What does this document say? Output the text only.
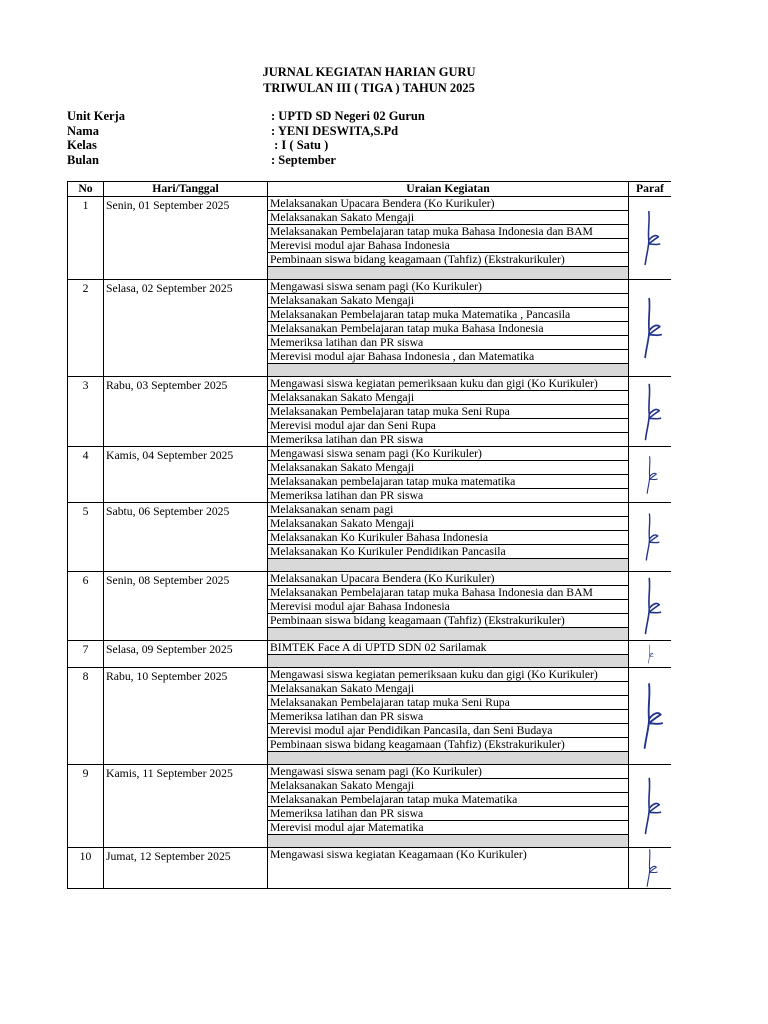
JURNAL KEGIATAN HARIAN GURU
TRIWULAN III ( TIGA ) TAHUN 2025
Unit Kerja	: UPTD SD Negeri 02 Gurun
Nama	: YENI DESWITA,S.Pd
Kelas	: I ( Satu )
Bulan	: September
No	Hari/Tanggal	Uraian Kegiatan	Paraf
1	Senin, 01 September 2025	Melaksanakan Upacara Bendera (Ko Kurikuler)	

		Melaksanakan Sakato Mengaji	
		Melaksanakan Pembelajaran tatap muka Bahasa Indonesia dan BAM	
		Merevisi modul ajar Bahasa Indonesia	
		Pembinaan siswa bidang keagamaan (Tahfiz) (Ekstrakurikuler)	

2	Selasa, 02 September 2025	Mengawasi siswa senam pagi (Ko Kurikuler)	

		Melaksanakan Sakato Mengaji	
		Melaksanakan Pembelajaran tatap muka Matematika , Pancasila	
		Melaksanakan Pembelajaran tatap muka Bahasa Indonesia	
		Memeriksa latihan dan PR siswa	
		Merevisi modul ajar Bahasa Indonesia , dan Matematika	

3	Rabu, 03 September 2025	Mengawasi siswa kegiatan pemeriksaan kuku dan gigi (Ko Kurikuler)	

		Melaksanakan Sakato Mengaji	
		Melaksanakan Pembelajaran tatap muka Seni Rupa	
		Merevisi modul ajar dan Seni Rupa	
		Memeriksa latihan dan PR siswa	
4	Kamis, 04 September 2025	Mengawasi siswa senam pagi (Ko Kurikuler)	

		Melaksanakan Sakato Mengaji	
		Melaksanakan pembelajaran tatap muka matematika	
		Memeriksa latihan dan PR siswa	
5	Sabtu, 06 September 2025	Melaksanakan senam pagi	

		Melaksanakan Sakato Mengaji	
		Melaksanakan Ko Kurikuler Bahasa Indonesia	
		Melaksanakan Ko Kurikuler Pendidikan Pancasila	

6	Senin, 08 September 2025	Melaksanakan Upacara Bendera (Ko Kurikuler)	

		Melaksanakan Pembelajaran tatap muka Bahasa Indonesia dan BAM	
		Merevisi modul ajar Bahasa Indonesia	
		Pembinaan siswa bidang keagamaan (Tahfiz) (Ekstrakurikuler)	

7	Selasa, 09 September 2025	BIMTEK Face A di UPTD SDN 02 Sarilamak	

8	Rabu, 10 September 2025	Mengawasi siswa kegiatan pemeriksaan kuku dan gigi (Ko Kurikuler)	

		Melaksanakan Sakato Mengaji	
		Melaksanakan Pembelajaran tatap muka Seni Rupa	
		Memeriksa latihan dan PR siswa	
		Merevisi modul ajar Pendidikan Pancasila, dan Seni Budaya	
		Pembinaan siswa bidang keagamaan (Tahfiz) (Ekstrakurikuler)	

9	Kamis, 11 September 2025	Mengawasi siswa senam pagi (Ko Kurikuler)	

		Melaksanakan Sakato Mengaji	
		Melaksanakan Pembelajaran tatap muka Matematika	
		Memeriksa latihan dan PR siswa	
		Merevisi modul ajar Matematika	

10	Jumat, 12 September 2025	Mengawasi siswa kegiatan Keagamaan (Ko Kurikuler)	
